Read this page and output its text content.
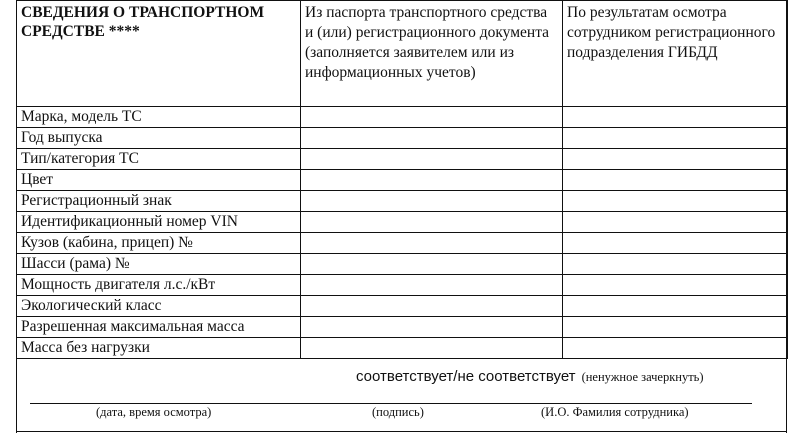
СВЕДЕНИЯ О ТРАНСПОРТНОМ СРЕДСТВЕ ****	Из паспорта транспортного средства и (или) регистрационного документа (заполняется заявителем или из информационных учетов)	По результатам осмотра сотрудником регистрационного подразделения ГИБДД
Марка, модель ТС		
Год выпуска		
Тип/категория ТС		
Цвет		
Регистрационный знак		
Идентификационный номер VIN		
Кузов (кабина, прицеп) №		
Шасси (рама) №		
Мощность двигателя л.с./кВт		
Экологический класс		
Разрешенная максимальная масса		
Масса без нагрузки		
соответствует/не соответствует (ненужное зачеркнуть)
(дата, время осмотра)	(подпись)	(И.О. Фамилия сотрудника)
